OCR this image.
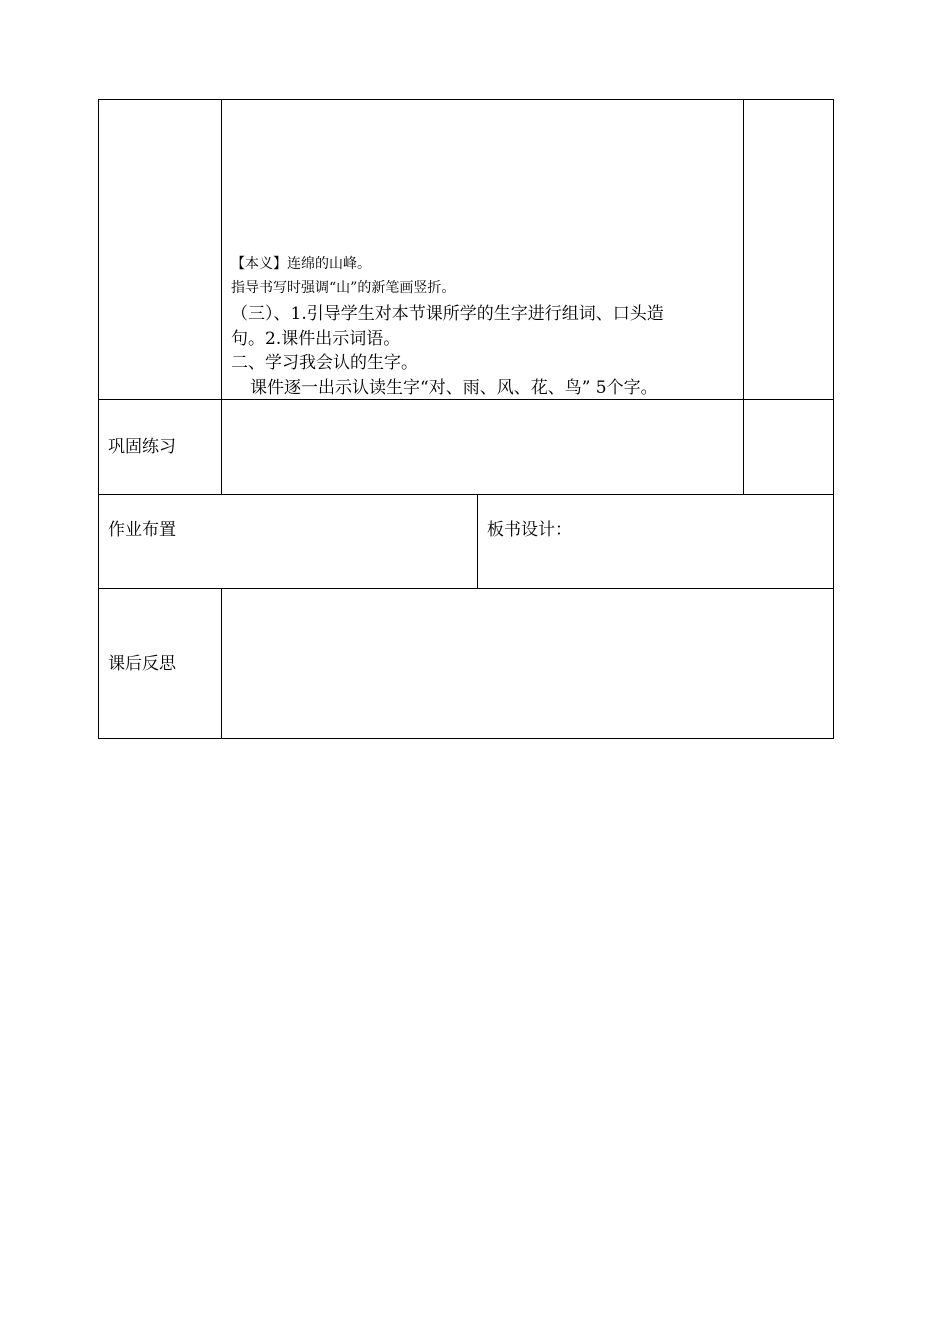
【本义】连绵的山峰。
指导书写时强调“山”的新笔画竖折。
（三）、1.引导学生对本节课所学的生字进行组词、口头造
句。2.课件出示词语。
二、学习我会认的生字。
课件逐一出示认读生字“对、雨、风、花、鸟” 5个字。
巩固练习
作业布置	板书设计：
课后反思
